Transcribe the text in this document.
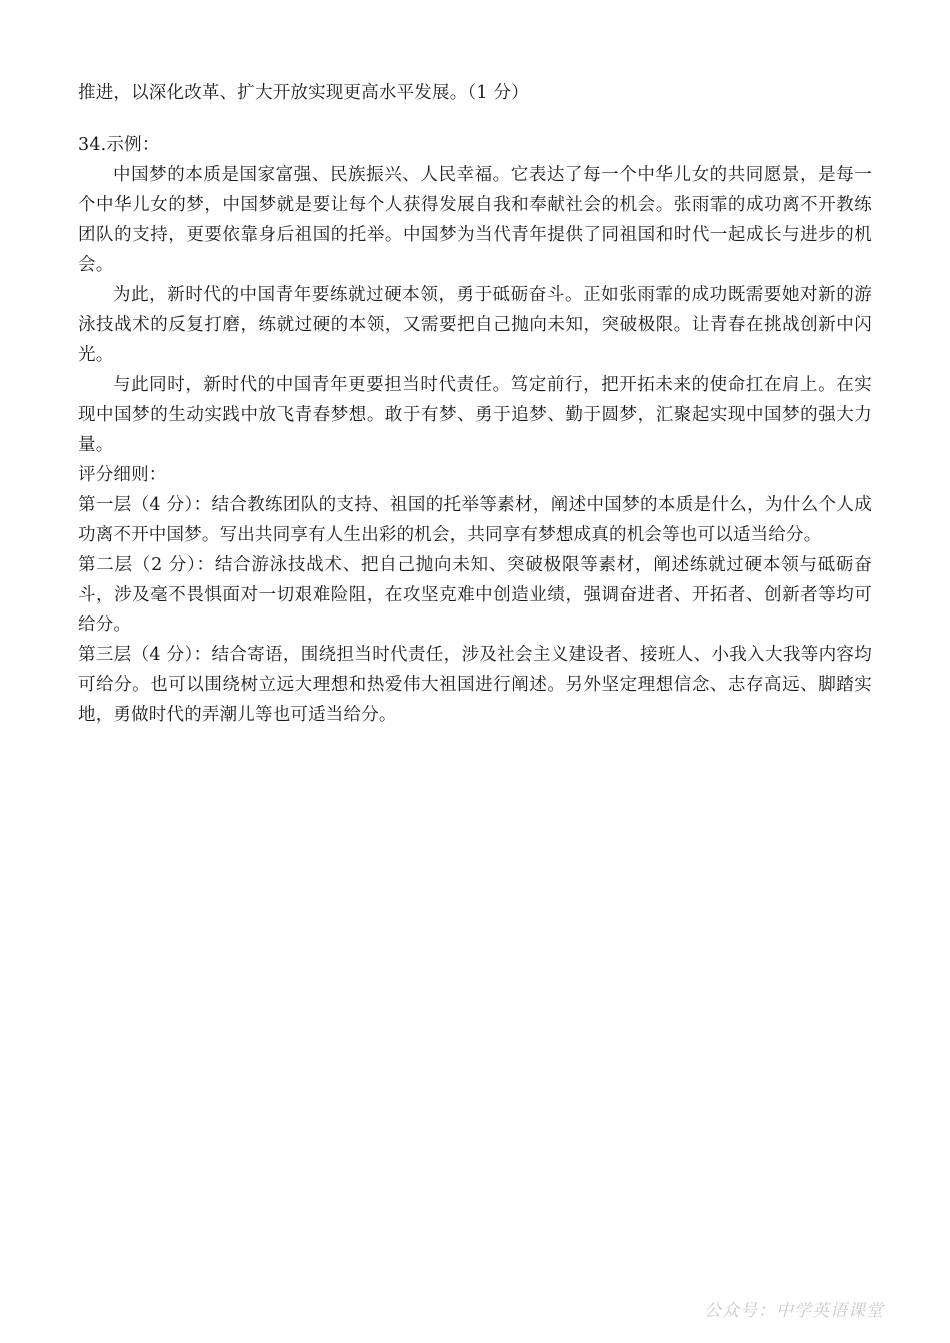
推进，以深化改革、扩大开放实现更高水平发展。（1 分）

34.示例：

中国梦的本质是国家富强、民族振兴、人民幸福。它表达了每一个中华儿女的共同愿景，是每一个中华儿女的梦，中国梦就是要让每个人获得发展自我和奉献社会的机会。张雨霏的成功离不开教练团队的支持，更要依靠身后祖国的托举。中国梦为当代青年提供了同祖国和时代一起成长与进步的机会。

为此，新时代的中国青年要练就过硬本领，勇于砥砺奋斗。正如张雨霏的成功既需要她对新的游泳技战术的反复打磨，练就过硬的本领，又需要把自己抛向未知，突破极限。让青春在挑战创新中闪光。

与此同时，新时代的中国青年更要担当时代责任。笃定前行，把开拓未来的使命扛在肩上。在实现中国梦的生动实践中放飞青春梦想。敢于有梦、勇于追梦、勤于圆梦，汇聚起实现中国梦的强大力量。

评分细则：

第一层（4 分）：结合教练团队的支持、祖国的托举等素材，阐述中国梦的本质是什么，为什么个人成功离不开中国梦。写出共同享有人生出彩的机会，共同享有梦想成真的机会等也可以适当给分。

第二层（2 分）：结合游泳技战术、把自己抛向未知、突破极限等素材，阐述练就过硬本领与砥砺奋斗，涉及毫不畏惧面对一切艰难险阻，在攻坚克难中创造业绩，强调奋进者、开拓者、创新者等均可给分。

第三层（4 分）：结合寄语，围绕担当时代责任，涉及社会主义建设者、接班人、小我入大我等内容均可给分。也可以围绕树立远大理想和热爱伟大祖国进行阐述。另外坚定理想信念、志存高远、脚踏实地，勇做时代的弄潮儿等也可适当给分。

公众号：中学英语课堂
